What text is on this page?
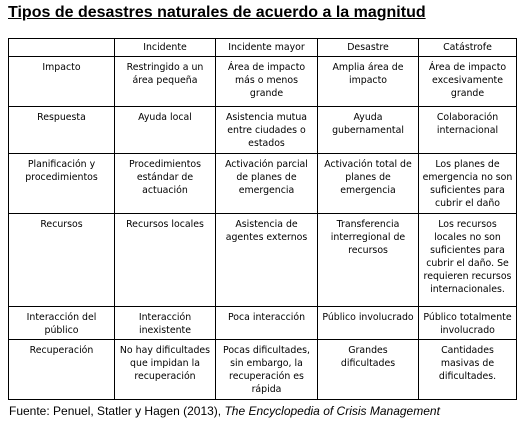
Tipos de desastres naturales de acuerdo a la magnitud
	Incidente	Incidente mayor	Desastre	Catástrofe
Impacto	Restringido a un área pequeña	Área de impacto más o menos grande	Amplia área de impacto	Área de impacto excesivamente grande
Respuesta	Ayuda local	Asistencia mutua entre ciudades o estados	Ayuda gubernamental	Colaboración internacional
Planificación y procedimientos	Procedimientos estándar de actuación	Activación parcial de planes de emergencia	Activación total de planes de emergencia	Los planes de emergencia no son suficientes para cubrir el daño
Recursos	Recursos locales	Asistencia de agentes externos	Transferencia interregional de recursos	Los recursos locales no son suficientes para cubrir el daño. Se requieren recursos internacionales.
Interacción del público	Interacción inexistente	Poca interacción	Público involucrado	Público totalmente involucrado
Recuperación	No hay dificultades que impidan la recuperación	Pocas dificultades, sin embargo, la recuperación es rápida	Grandes dificultades	Cantidades masivas de dificultades.
Fuente: Penuel, Statler y Hagen (2013), The Encyclopedia of Crisis Management
